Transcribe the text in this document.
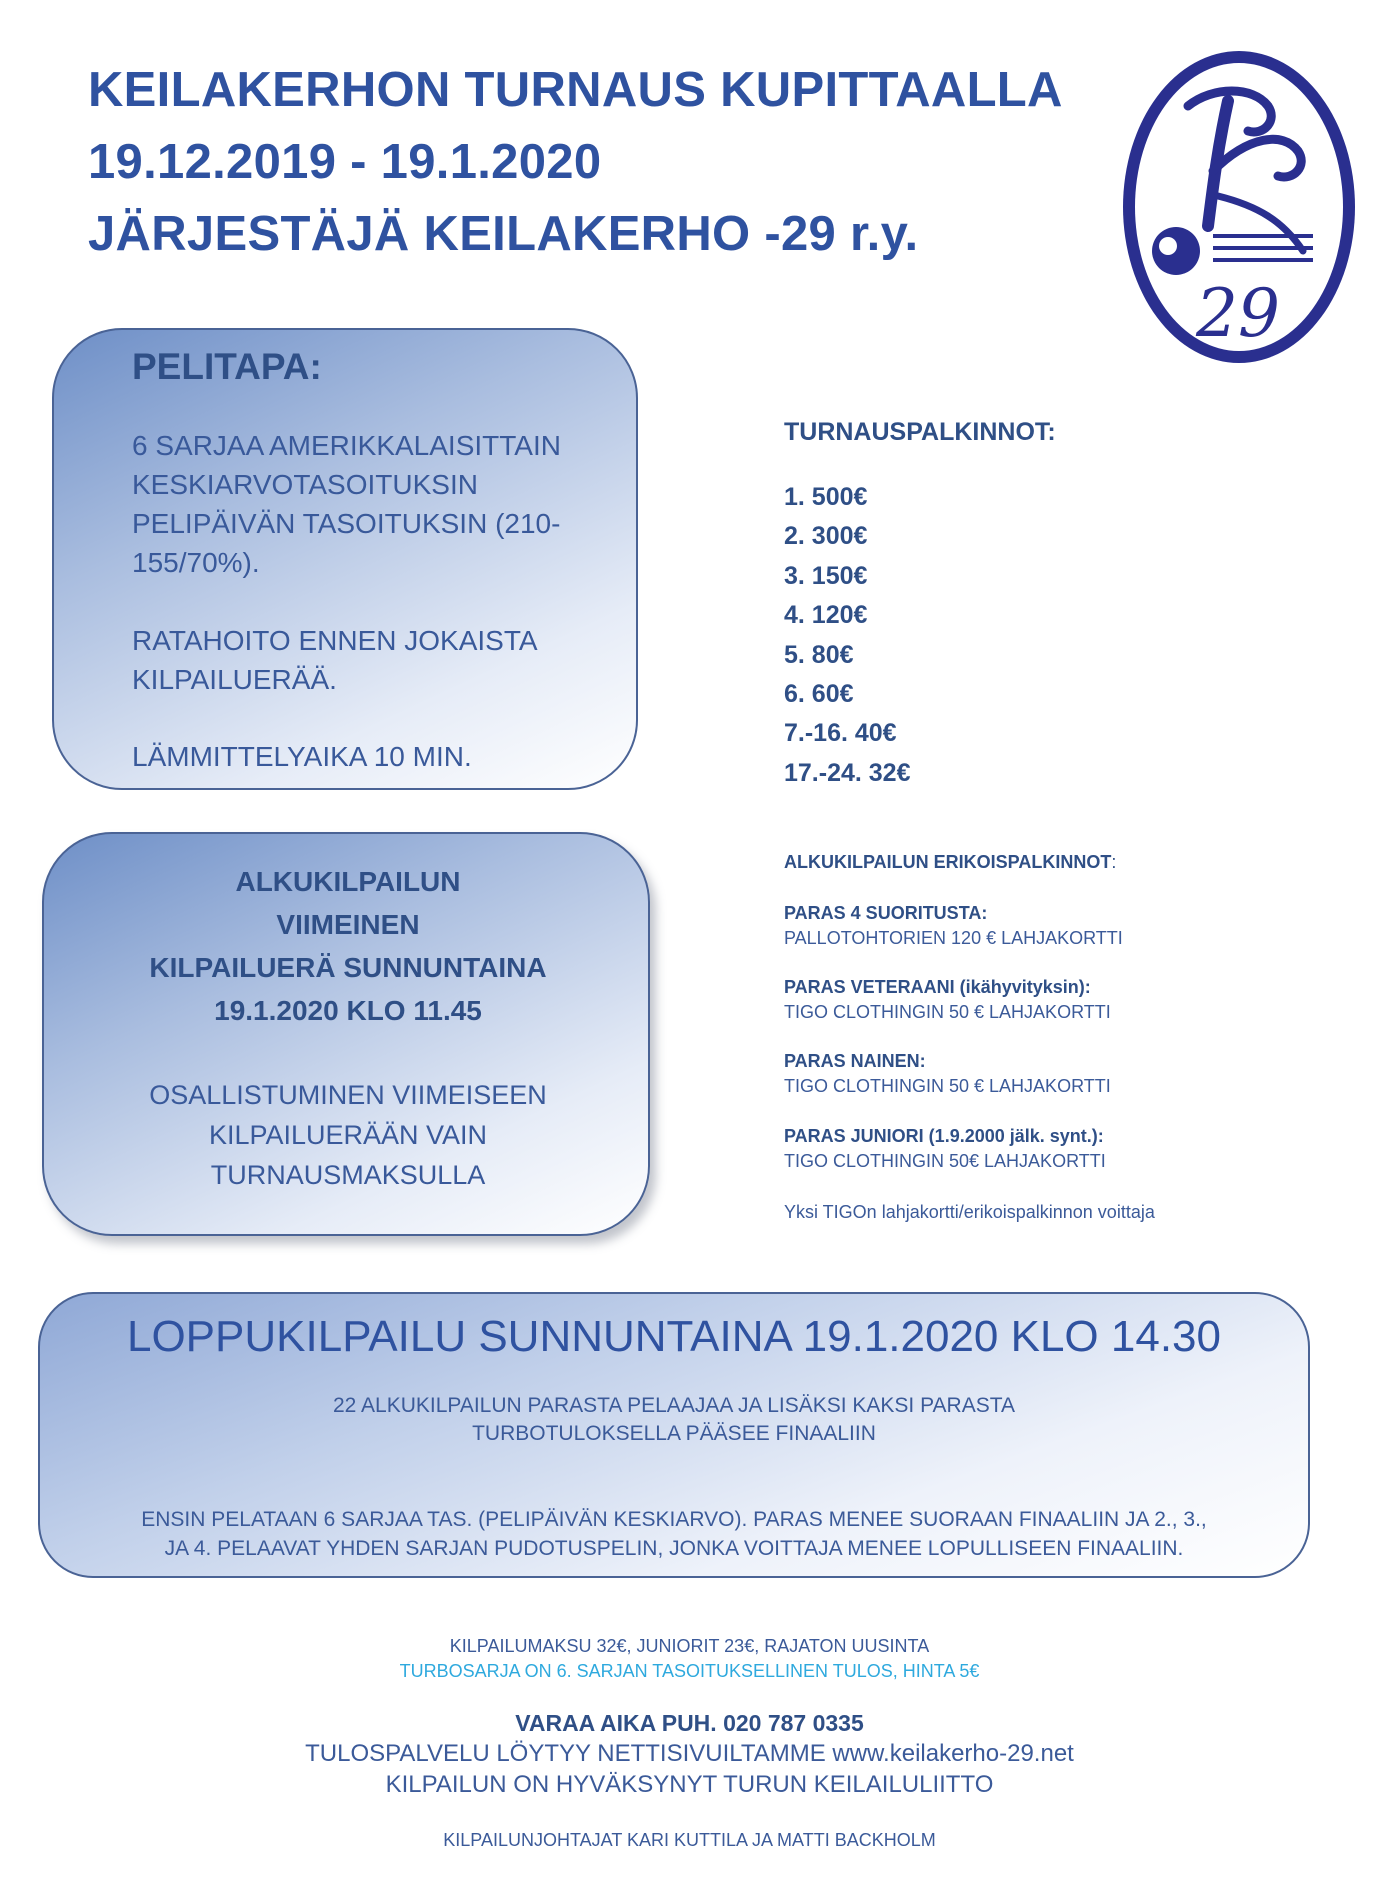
KEILAKERHON TURNAUS KUPITTAALLA
19.12.2019 - 19.1.2020
JÄRJESTÄJÄ KEILAKERHO -29 r.y.
29
PELITAPA:
6 SARJAA AMERIKKALAISITTAIN
KESKIARVOTASOITUKSIN
PELIPÄIVÄN TASOITUKSIN (210-
155/70%).
RATAHOITO ENNEN JOKAISTA
KILPAILUERÄÄ.
LÄMMITTELYAIKA 10 MIN.
ALKUKILPAILUN
VIIMEINEN
KILPAILUERÄ SUNNUNTAINA
19.1.2020 KLO 11.45
OSALLISTUMINEN VIIMEISEEN
KILPAILUERÄÄN VAIN
TURNAUSMAKSULLA
TURNAUSPALKINNOT:
1. 500€
2. 300€
3. 150€
4. 120€
5. 80€
6. 60€
7.-16. 40€
17.-24. 32€
ALKUKILPAILUN ERIKOISPALKINNOT:
PARAS 4 SUORITUSTA:
PALLOTOHTORIEN 120 € LAHJAKORTTI
PARAS VETERAANI (ikähyvityksin):
TIGO CLOTHINGIN 50 € LAHJAKORTTI
PARAS NAINEN:
TIGO CLOTHINGIN 50 € LAHJAKORTTI
PARAS JUNIORI (1.9.2000 jälk. synt.):
TIGO CLOTHINGIN 50€ LAHJAKORTTI
Yksi TIGOn lahjakortti/erikoispalkinnon voittaja
LOPPUKILPAILU SUNNUNTAINA 19.1.2020 KLO 14.30
22 ALKUKILPAILUN PARASTA PELAAJAA JA LISÄKSI KAKSI PARASTA
TURBOTULOKSELLA PÄÄSEE FINAALIIN
ENSIN PELATAAN 6 SARJAA TAS. (PELIPÄIVÄN KESKIARVO). PARAS MENEE SUORAAN FINAALIIN JA 2., 3.,
JA 4. PELAAVAT YHDEN SARJAN PUDOTUSPELIN, JONKA VOITTAJA MENEE LOPULLISEEN FINAALIIN.
KILPAILUMAKSU 32€, JUNIORIT 23€, RAJATON UUSINTA
TURBOSARJA ON 6. SARJAN TASOITUKSELLINEN TULOS, HINTA 5€
VARAA AIKA PUH. 020 787 0335
TULOSPALVELU LÖYTYY NETTISIVUILTAMME www.keilakerho-29.net
KILPAILUN ON HYVÄKSYNYT TURUN KEILAILULIITTO
KILPAILUNJOHTAJAT KARI KUTTILA JA MATTI BACKHOLM
